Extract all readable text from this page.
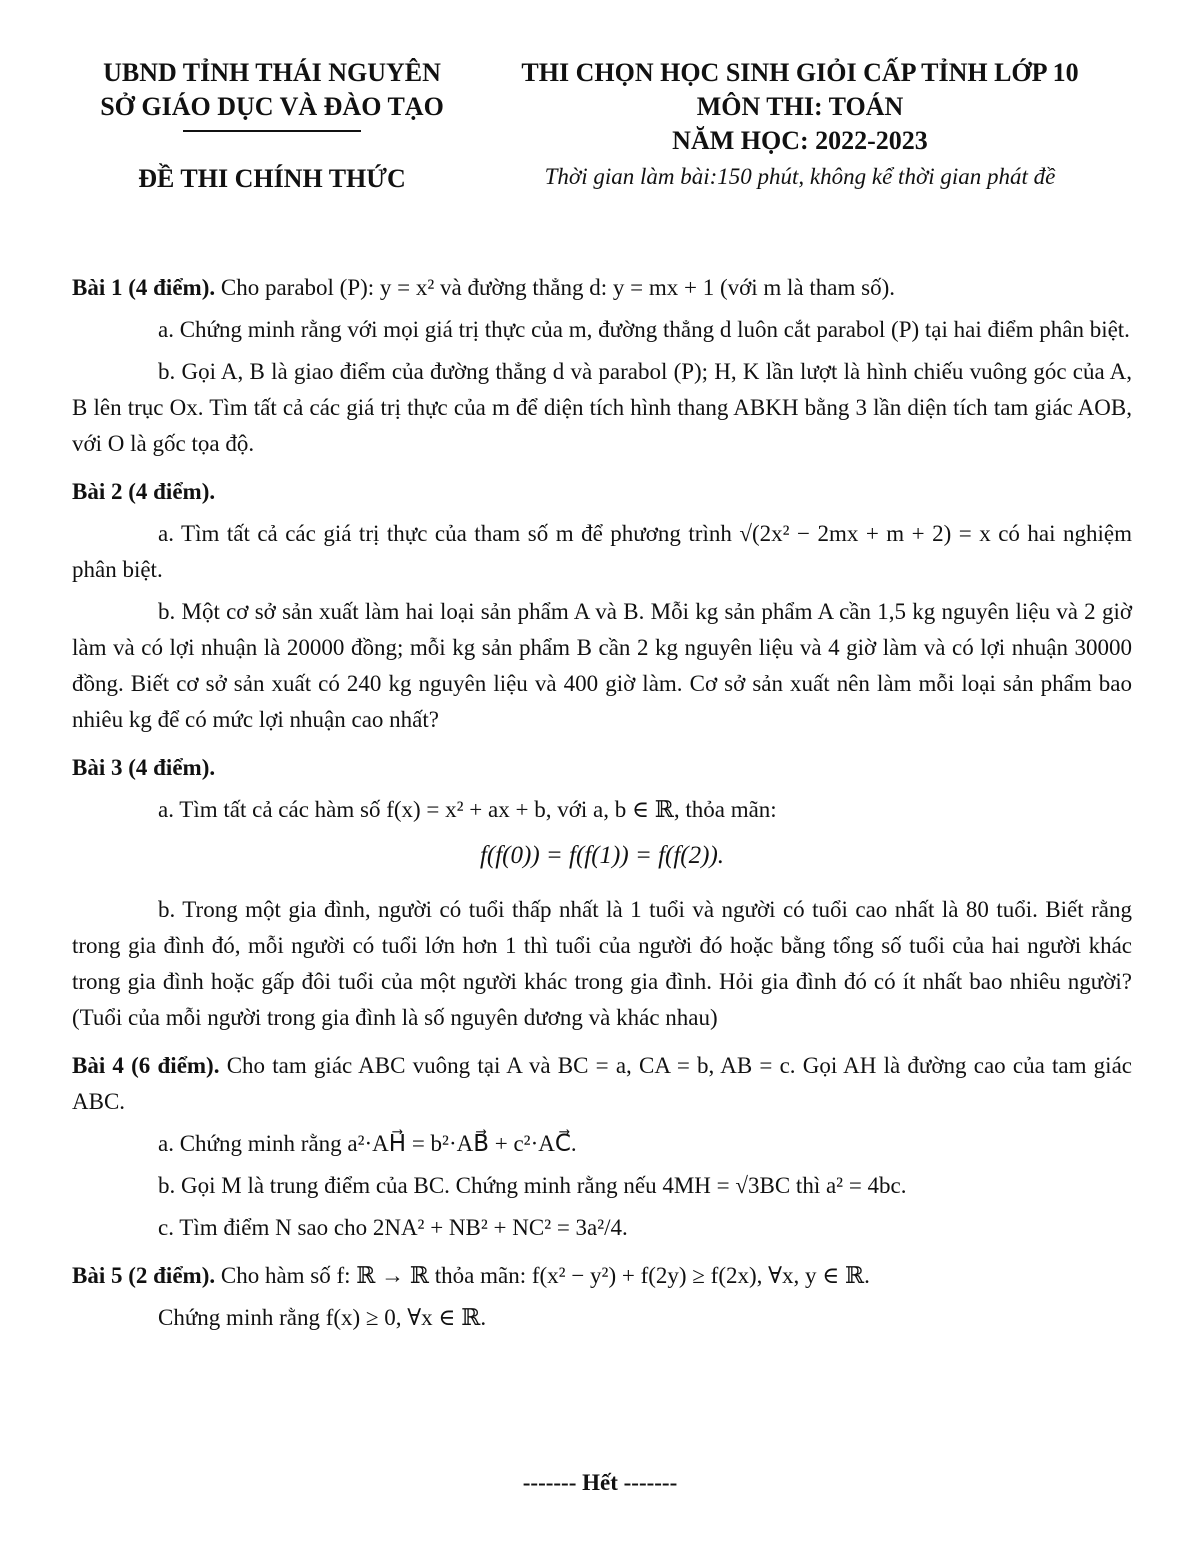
UBND TỈNH THÁI NGUYÊN
SỞ GIÁO DỤC VÀ ĐÀO TẠO
ĐỀ THI CHÍNH THỨC
THI CHỌN HỌC SINH GIỎI CẤP TỈNH LỚP 10
MÔN THI: TOÁN
NĂM HỌC: 2022-2023
Thời gian làm bài:150 phút, không kể thời gian phát đề

Bài 1 (4 điểm). Cho parabol (P): y = x² và đường thẳng d: y = mx + 1 (với m là tham số).

a. Chứng minh rằng với mọi giá trị thực của m, đường thẳng d luôn cắt parabol (P) tại hai điểm phân biệt.

b. Gọi A, B là giao điểm của đường thẳng d và parabol (P); H, K lần lượt là hình chiếu vuông góc của A, B lên trục Ox. Tìm tất cả các giá trị thực của m để diện tích hình thang ABKH bằng 3 lần diện tích tam giác AOB, với O là gốc tọa độ.

Bài 2 (4 điểm).

a. Tìm tất cả các giá trị thực của tham số m để phương trình √(2x² − 2mx + m + 2) = x có hai nghiệm phân biệt.

b. Một cơ sở sản xuất làm hai loại sản phẩm A và B. Mỗi kg sản phẩm A cần 1,5 kg nguyên liệu và 2 giờ làm và có lợi nhuận là 20000 đồng; mỗi kg sản phẩm B cần 2 kg nguyên liệu và 4 giờ làm và có lợi nhuận 30000 đồng. Biết cơ sở sản xuất có 240 kg nguyên liệu và 400 giờ làm. Cơ sở sản xuất nên làm mỗi loại sản phẩm bao nhiêu kg để có mức lợi nhuận cao nhất?

Bài 3 (4 điểm).

a. Tìm tất cả các hàm số f(x) = x² + ax + b, với a, b ∈ ℝ, thỏa mãn:

f(f(0)) = f(f(1)) = f(f(2)).

b. Trong một gia đình, người có tuổi thấp nhất là 1 tuổi và người có tuổi cao nhất là 80 tuổi. Biết rằng trong gia đình đó, mỗi người có tuổi lớn hơn 1 thì tuổi của người đó hoặc bằng tổng số tuổi của hai người khác trong gia đình hoặc gấp đôi tuổi của một người khác trong gia đình. Hỏi gia đình đó có ít nhất bao nhiêu người? (Tuổi của mỗi người trong gia đình là số nguyên dương và khác nhau)

Bài 4 (6 điểm). Cho tam giác ABC vuông tại A và BC = a, CA = b, AB = c. Gọi AH là đường cao của tam giác ABC.

a. Chứng minh rằng a²·AH⃗ = b²·AB⃗ + c²·AC⃗.

b. Gọi M là trung điểm của BC. Chứng minh rằng nếu 4MH = √3BC thì a² = 4bc.

c. Tìm điểm N sao cho 2NA² + NB² + NC² = 3a²/4.

Bài 5 (2 điểm). Cho hàm số f: ℝ → ℝ thỏa mãn: f(x² − y²) + f(2y) ≥ f(2x), ∀x, y ∈ ℝ.

Chứng minh rằng f(x) ≥ 0, ∀x ∈ ℝ.

------- Hết -------
